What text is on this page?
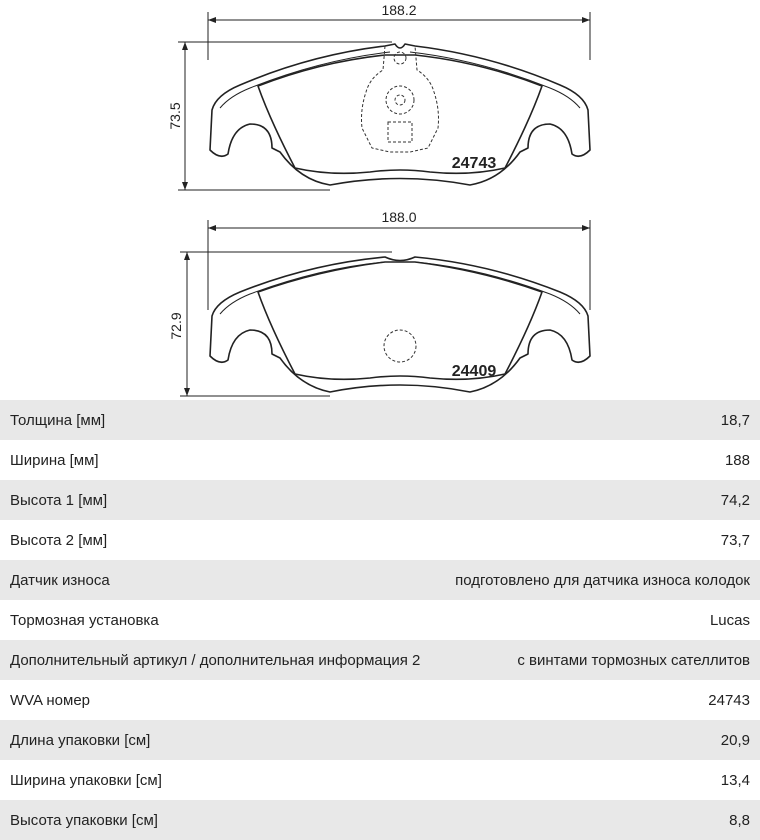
188.2
73.5
24743
188.0
72.9
24409
Толщина [мм]	18,7
Ширина [мм]	188
Высота 1 [мм]	74,2
Высота 2 [мм]	73,7
Датчик износа	подготовлено для датчика износа колодок
Тормозная установка	Lucas
Дополнительный артикул / дополнительная информация 2	с винтами тормозных сателлитов
WVA номер	24743
Длина упаковки [см]	20,9
Ширина упаковки [см]	13,4
Высота упаковки [см]	8,8
